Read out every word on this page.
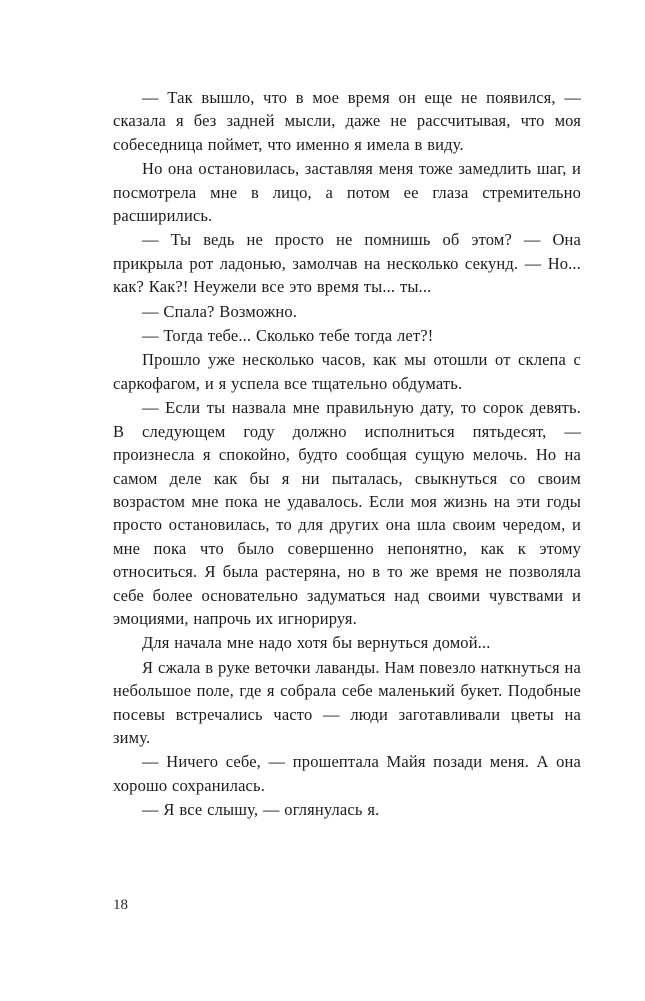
— Так вышло, что в мое время он еще не появился, — сказала я без задней мысли, даже не рассчитывая, что моя собеседница поймет, что именно я имела в виду.

Но она остановилась, заставляя меня тоже замедлить шаг, и посмотрела мне в лицо, а потом ее глаза стремительно расширились.

— Ты ведь не просто не помнишь об этом? — Она прикрыла рот ладонью, замолчав на несколько секунд. — Но... как? Как?! Неужели все это время ты... ты...

— Спала? Возможно.

— Тогда тебе... Сколько тебе тогда лет?!

Прошло уже несколько часов, как мы отошли от склепа с саркофагом, и я успела все тщательно обдумать.

— Если ты назвала мне правильную дату, то сорок девять. В следующем году должно исполниться пятьдесят, — произнесла я спокойно, будто сообщая сущую мелочь. Но на самом деле как бы я ни пыталась, свыкнуться со своим возрастом мне пока не удавалось. Если моя жизнь на эти годы просто остановилась, то для других она шла своим чередом, и мне пока что было совершенно непонятно, как к этому относиться. Я была растеряна, но в то же время не позволяла себе более основательно задуматься над своими чувствами и эмоциями, напрочь их игнорируя.

Для начала мне надо хотя бы вернуться домой...

Я сжала в руке веточки лаванды. Нам повезло наткнуться на небольшое поле, где я собрала себе маленький букет. Подобные посевы встречались часто — люди заготавливали цветы на зиму.

— Ничего себе, — прошептала Майя позади меня. А она хорошо сохранилась.

— Я все слышу, — оглянулась я.

18
